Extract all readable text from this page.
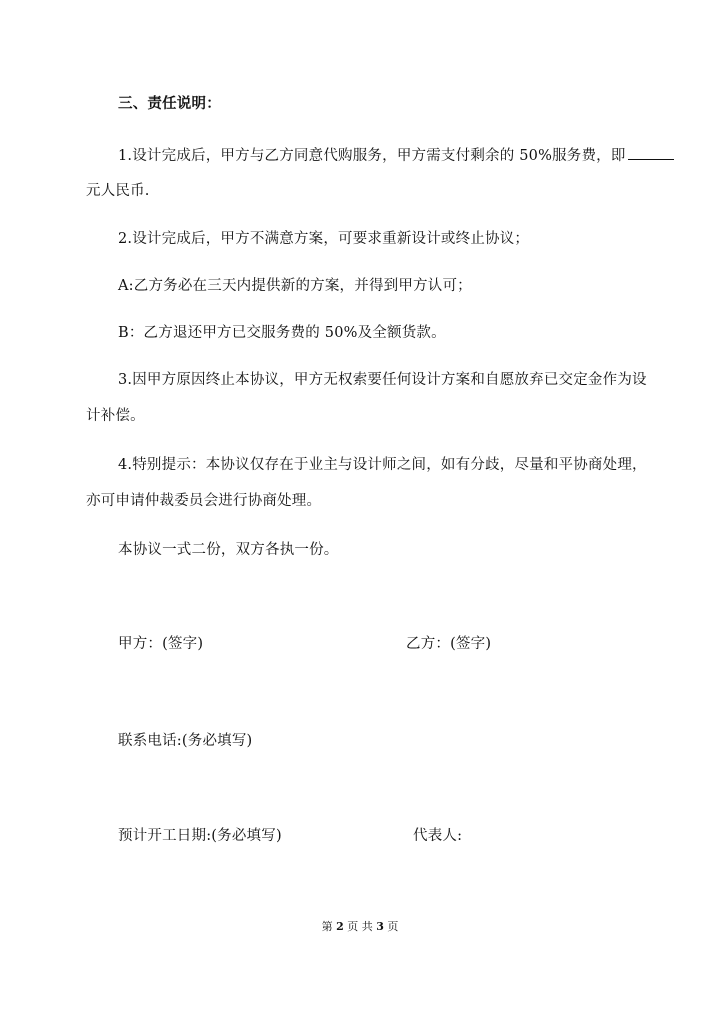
三、责任说明：
1.设计完成后，甲方与乙方同意代购服务，甲方需支付剩余的 50%服务费，即
元人民币.
2.设计完成后，甲方不满意方案，可要求重新设计或终止协议；
A:乙方务必在三天内提供新的方案，并得到甲方认可；
B：乙方退还甲方已交服务费的 50%及全额货款。
3.因甲方原因终止本协议，甲方无权索要任何设计方案和自愿放弃已交定金作为设
计补偿。
4.特别提示：本协议仅存在于业主与设计师之间，如有分歧，尽量和平协商处理，
亦可申请仲裁委员会进行协商处理。
本协议一式二份，双方各执一份。
甲方：(签字)	乙方：(签字)
联系电话:(务必填写)
预计开工日期:(务必填写)	代表人:
第 2 页 共 3 页
